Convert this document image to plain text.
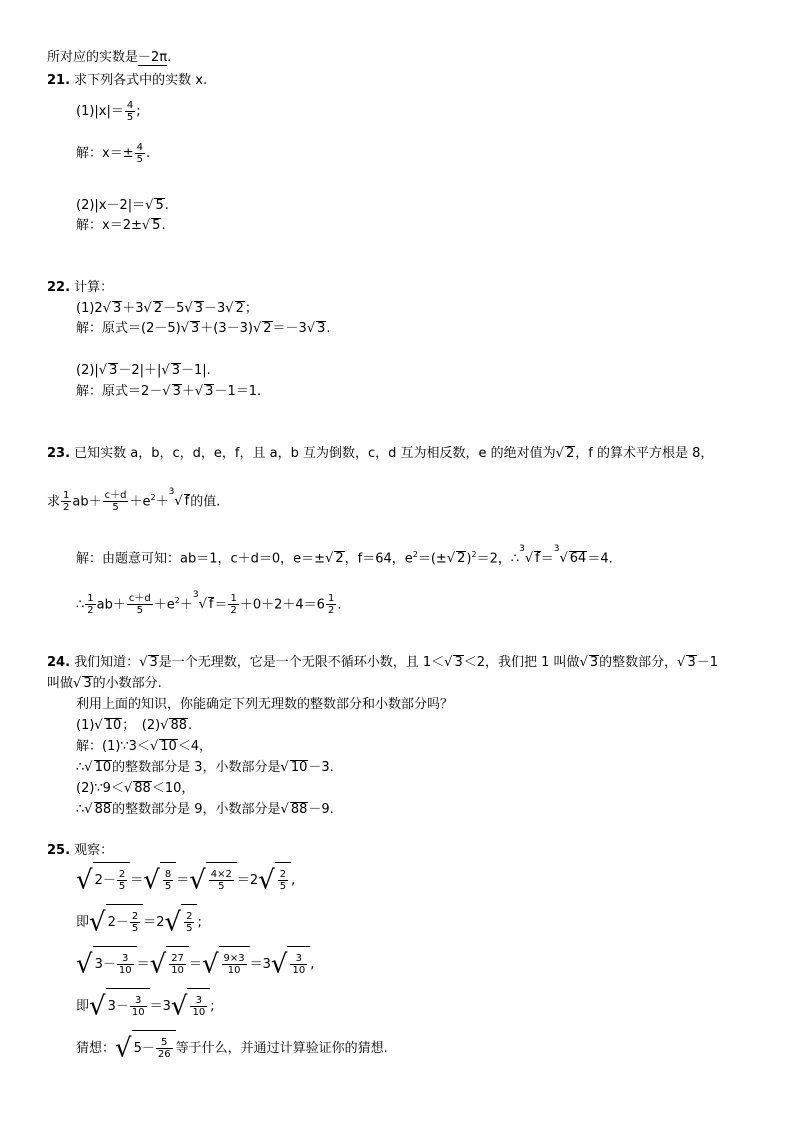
所对应的实数是－2π.
21. 求下列各式中的实数 x.
$(1)|x|= \frac{4}{5}$ ;
解：$x=\pm \frac{4}{5}$ .
(2)|x－2|＝√ 5.
解：x＝2±√ 5.
22. 计算：
(1)2√ 3＋3√ 2－5√ 3－3√ 2；
解：原式＝(2－5)√ 3＋(3－3)√ 2＝－3√ 3.
(2)|√ 3－2|＋|√ 3－1|.
解：原式＝2－√ 3＋√ 3－1＝1.
23. 已知实数 a，b，c，d，e，f，且 a，b 互为倒数，c，d 互为相反数，e 的绝对值为√ 2，f 的算术平方根是 8，
求 $\frac{1}{2} ab+ \frac{c+d}{5} +e^2+^3√$ f的值.
解：由题意可知：ab＝1，c＋d＝0，e＝±√ 2，f＝64，$e^2=(\pm√$ 2)$^2$＝2，∴$^3$√ f＝$^3$√ 64＝4.
∴ $\frac{1}{2} ab+ \frac{c+d}{5} +e^2+^3√$ $f= \frac{1}{2} +0+2+4=6 \frac{1}{2}$ .
24. 我们知道：√ 3是一个无理数，它是一个无限不循环小数，且 1＜√ 3＜2，我们把 1 叫做√ 3的整数部分，√ 3－1
叫做√ 3的小数部分.
利用上面的知识，你能确定下列无理数的整数部分和小数部分吗？
(1)√ 10；　(2)√ 88.
解：(1)∵3＜√ 10＜4，
∴√ 10的整数部分是 3，小数部分是√ 10－3.
(2)∵9＜√ 88＜10，
∴√ 88的整数部分是 9，小数部分是√ 88－9.
25. 观察：
√ $2- \frac{2}{5}$ ＝√ $\frac{8}{5}$ ＝√ $\frac{4\times 2}{5} =2√ \frac{2}{5}$ ,
即√ $2- \frac{2}{5} =2√ \frac{2}{5}$ ;
√ $3- \frac{3}{10}$ ＝√ $\frac{27}{10}$ ＝√ $\frac{9\times 3}{10} =3√ \frac{3}{10}$ ,
即√ $3- \frac{3}{10} =3√ \frac{3}{10}$ ;
猜想：√ $5- \frac{5}{26}$ 等于什么，并通过计算验证你的猜想.
